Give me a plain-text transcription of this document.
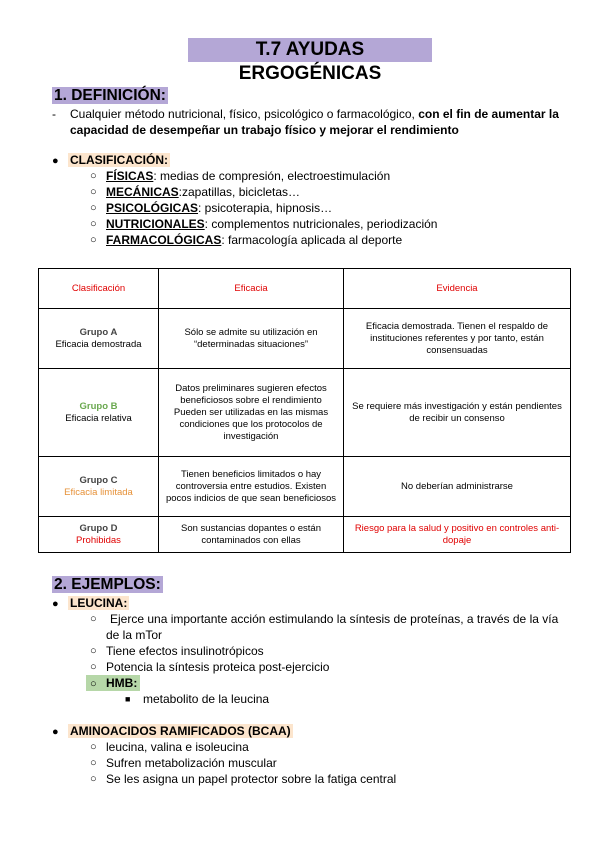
T.7 AYUDAS ERGOGÉNICAS
1. DEFINICIÓN:
- Cualquier método nutricional, físico, psicológico o farmacológico, con el fin de aumentar la
capacidad de desempeñar un trabajo físico y mejorar el rendimiento
● CLASIFICACIÓN:
○ FÍSICAS: medias de compresión, electroestimulación
○ MECÁNICAS:zapatillas, bicicletas…
○ PSICOLÓGICAS: psicoterapia, hipnosis…
○ NUTRICIONALES: complementos nutricionales, periodización
○ FARMACOLÓGICAS: farmacología aplicada al deporte
Clasificación	Eficacia	Evidencia

Grupo A
Eficacia demostrada	Sólo se admite su utilización en “determinadas situaciones”	Eficacia demostrada. Tienen el respaldo de instituciones referentes y por tanto, están consensuadas

Grupo B
Eficacia relativa	Datos preliminares sugieren efectos beneficiosos sobre el rendimiento Pueden ser utilizadas en las mismas condiciones que los protocolos de investigación	Se requiere más investigación y están pendientes de recibir un consenso

Grupo C
Eficacia limitada	Tienen beneficios limitados o hay controversia entre estudios. Existen pocos indicios de que sean beneficiosos	No deberían administrarse

Grupo D
Prohibidas	Son sustancias dopantes o están contaminados con ellas	Riesgo para la salud y positivo en controles anti-dopaje
2. EJEMPLOS:
● LEUCINA:
○ Ejerce una importante acción estimulando la síntesis de proteínas, a través de la vía
de la mTor
○ Tiene efectos insulinotrópicos
○ Potencia la síntesis proteica post-ejercicio
○ HMB:
■ metabolito de la leucina
● AMINOACIDOS RAMIFICADOS (BCAA)
○ leucina, valina e isoleucina
○ Sufren metabolización muscular
○ Se les asigna un papel protector sobre la fatiga central
